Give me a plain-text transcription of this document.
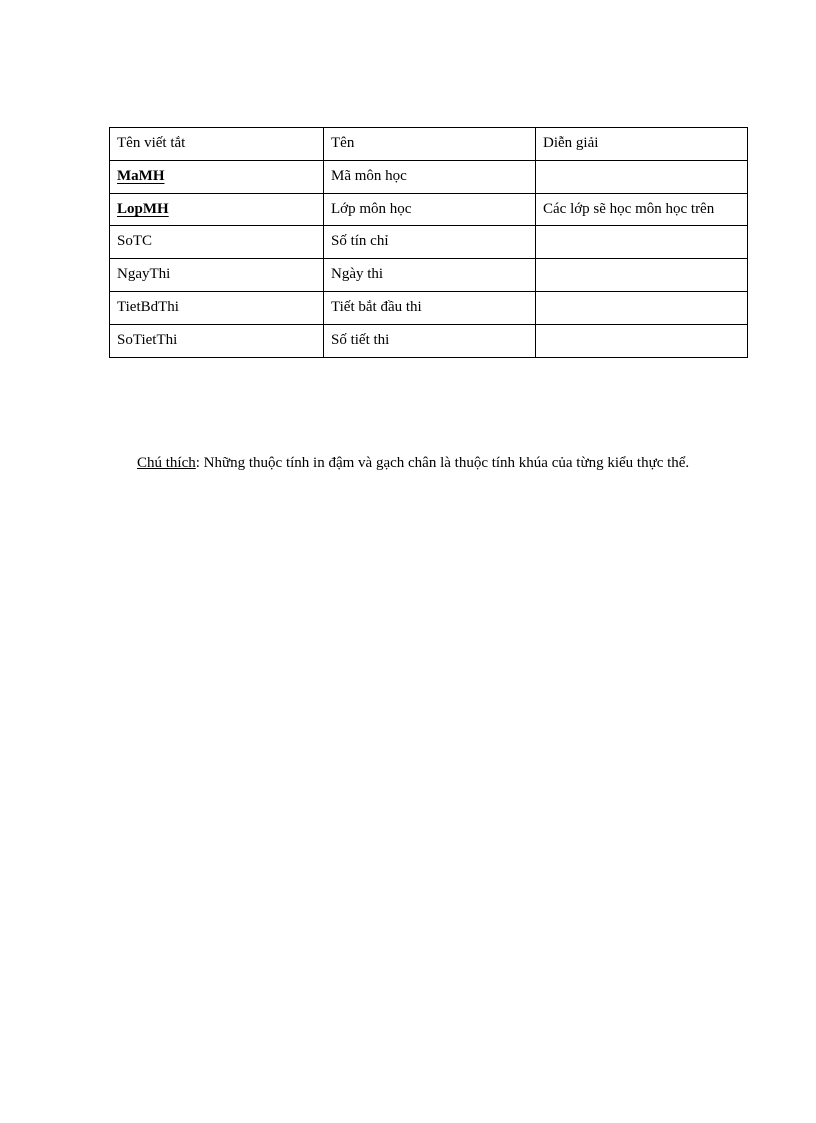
Tên viết tắt	Tên	Diễn giải
MaMH	Mã môn học	
LopMH	Lớp môn học	Các lớp sẽ học môn học trên
SoTC	Số tín chỉ	
NgayThi	Ngày thi	
TietBdThi	Tiết bắt đầu thi	
SoTietThi	Số tiết thi	

Chú thích: Những thuộc tính in đậm và gạch chân là thuộc tính khúa của từng kiểu thực thể.
